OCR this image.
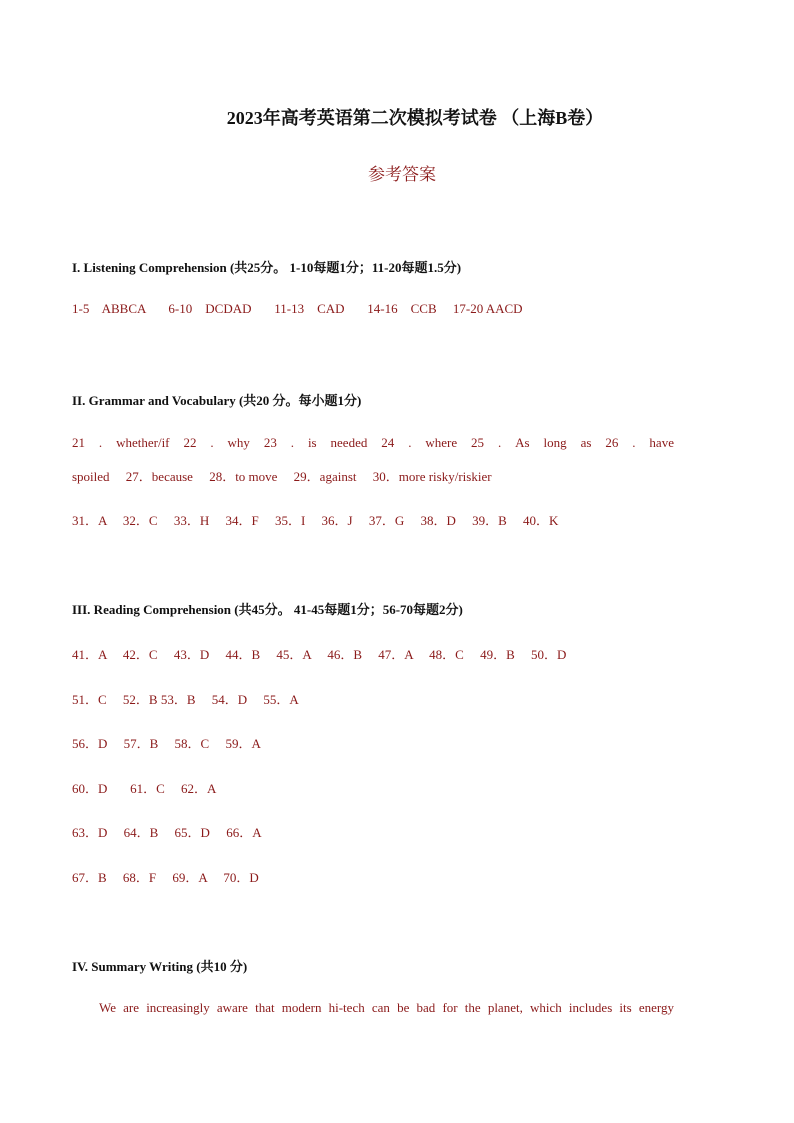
2023年高考英语第二次模拟考试卷 （上海B卷）
参考答案
I. Listening Comprehension (共25分。 1-10每题1分；11-20每题1.5分)
1-5    ABBCA       6-10    DCDAD       11-13    CAD       14-16    CCB     17-20 AACD
II. Grammar and Vocabulary (共20 分。每小题1分)
21 . whether/if 22 . why 23 . is needed 24 . where 25 . As long as 26 . have
spoiled     27．because     28．to move     29．against     30．more risky/riskier
31．A     32．C     33．H     34．F     35．I     36．J     37．G     38．D     39．B     40．K
III. Reading Comprehension (共45分。 41-45每题1分；56-70每题2分)
41．A     42．C     43．D     44．B     45．A     46．B     47．A     48．C     49．B     50．D
51．C     52．B 53．B     54．D     55．A
56．D     57．B     58．C     59．A
60．D       61．C     62．A
63．D     64．B     65．D     66．A
67．B     68．F     69．A     70．D
IV. Summary Writing (共10 分)
We are increasingly aware that modern hi-tech can be bad for the planet, which includes its energy
